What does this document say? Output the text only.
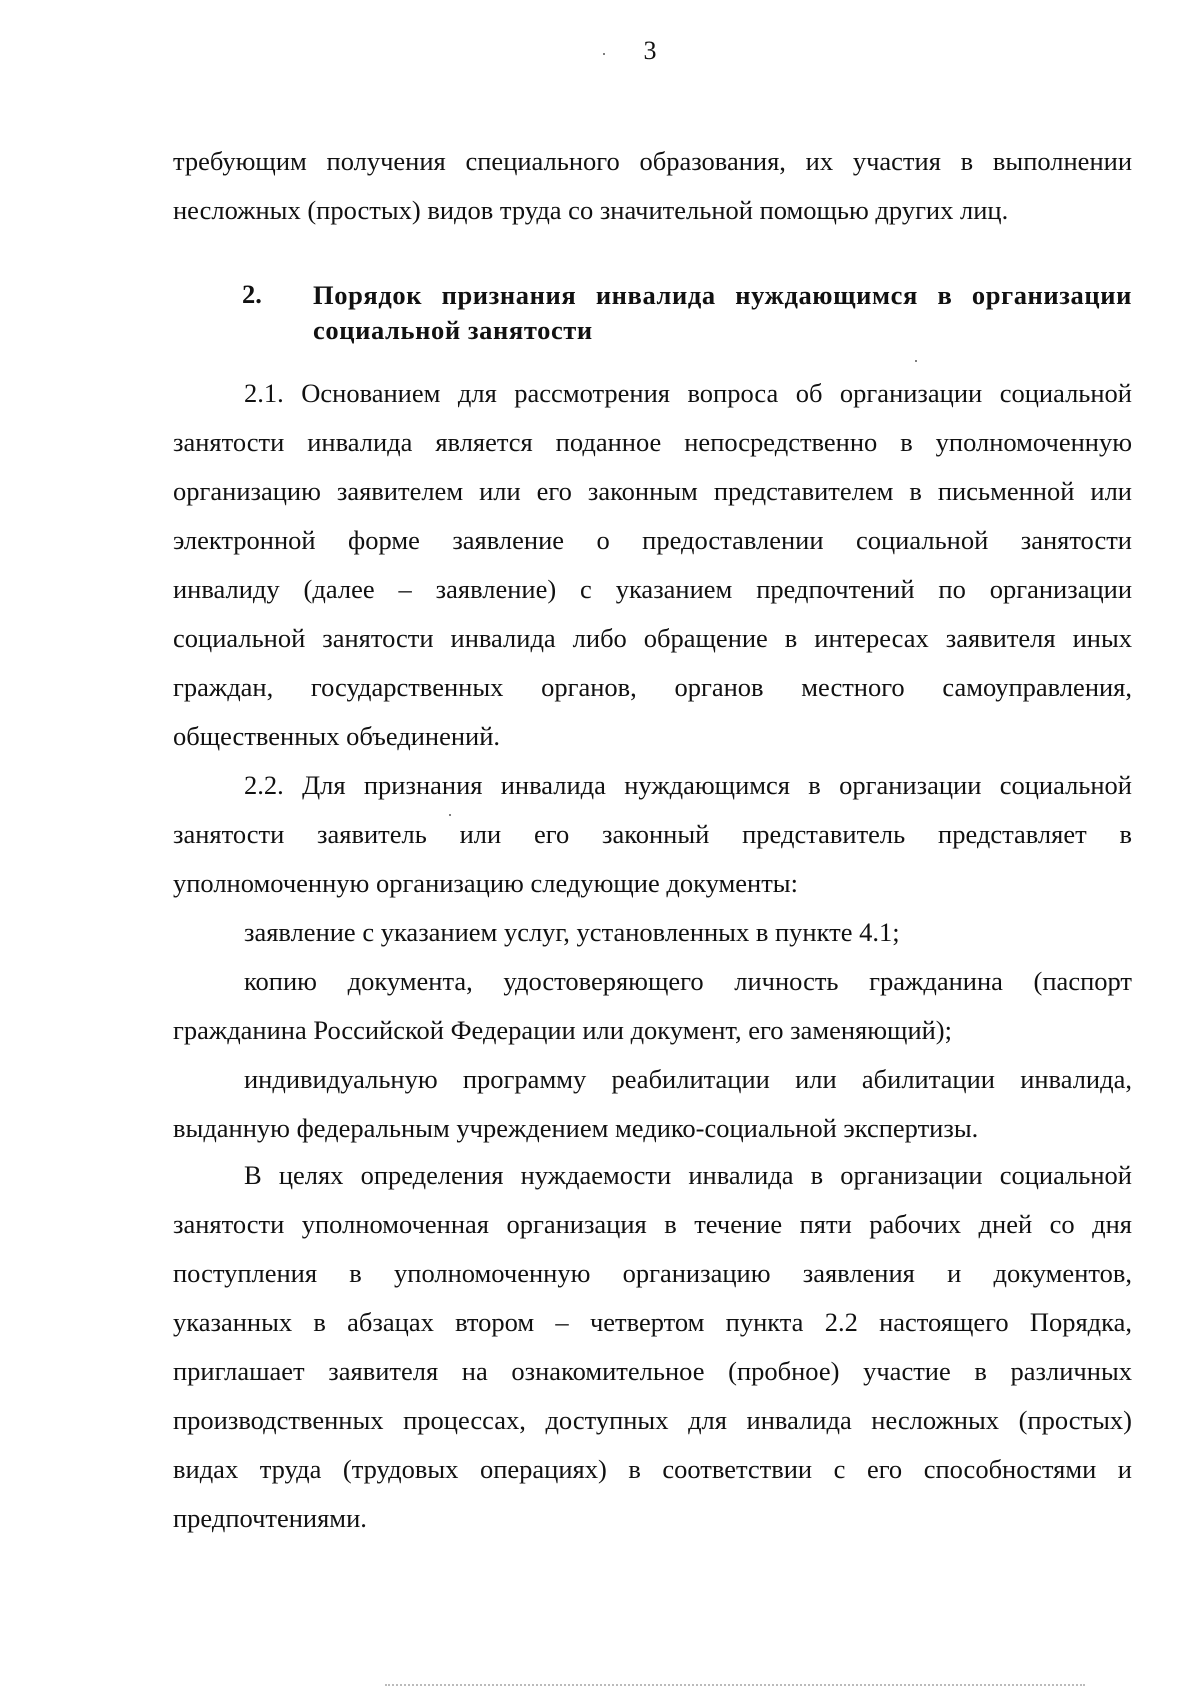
3
требующим получения специального образования, их участия в выполнении
несложных (простых) видов труда со значительной помощью других лиц.
2. Порядок признания инвалида нуждающимся в организации
социальной занятости
2.1. Основанием для рассмотрения вопроса об организации социальной
занятости инвалида является поданное непосредственно в уполномоченную
организацию заявителем или его законным представителем в письменной или
электронной форме заявление о предоставлении социальной занятости
инвалиду (далее – заявление) с указанием предпочтений по организации
социальной занятости инвалида либо обращение в интересах заявителя иных
граждан, государственных органов, органов местного самоуправления,
общественных объединений.
2.2. Для признания инвалида нуждающимся в организации социальной
занятости заявитель или его законный представитель представляет в
уполномоченную организацию следующие документы:
заявление с указанием услуг, установленных в пункте 4.1;
копию документа, удостоверяющего личность гражданина (паспорт
гражданина Российской Федерации или документ, его заменяющий);
индивидуальную программу реабилитации или абилитации инвалида,
выданную федеральным учреждением медико-социальной экспертизы.
В целях определения нуждаемости инвалида в организации социальной
занятости уполномоченная организация в течение пяти рабочих дней со дня
поступления в уполномоченную организацию заявления и документов,
указанных в абзацах втором – четвертом пункта 2.2 настоящего Порядка,
приглашает заявителя на ознакомительное (пробное) участие в различных
производственных процессах, доступных для инвалида несложных (простых)
видах труда (трудовых операциях) в соответствии с его способностями и
предпочтениями.
